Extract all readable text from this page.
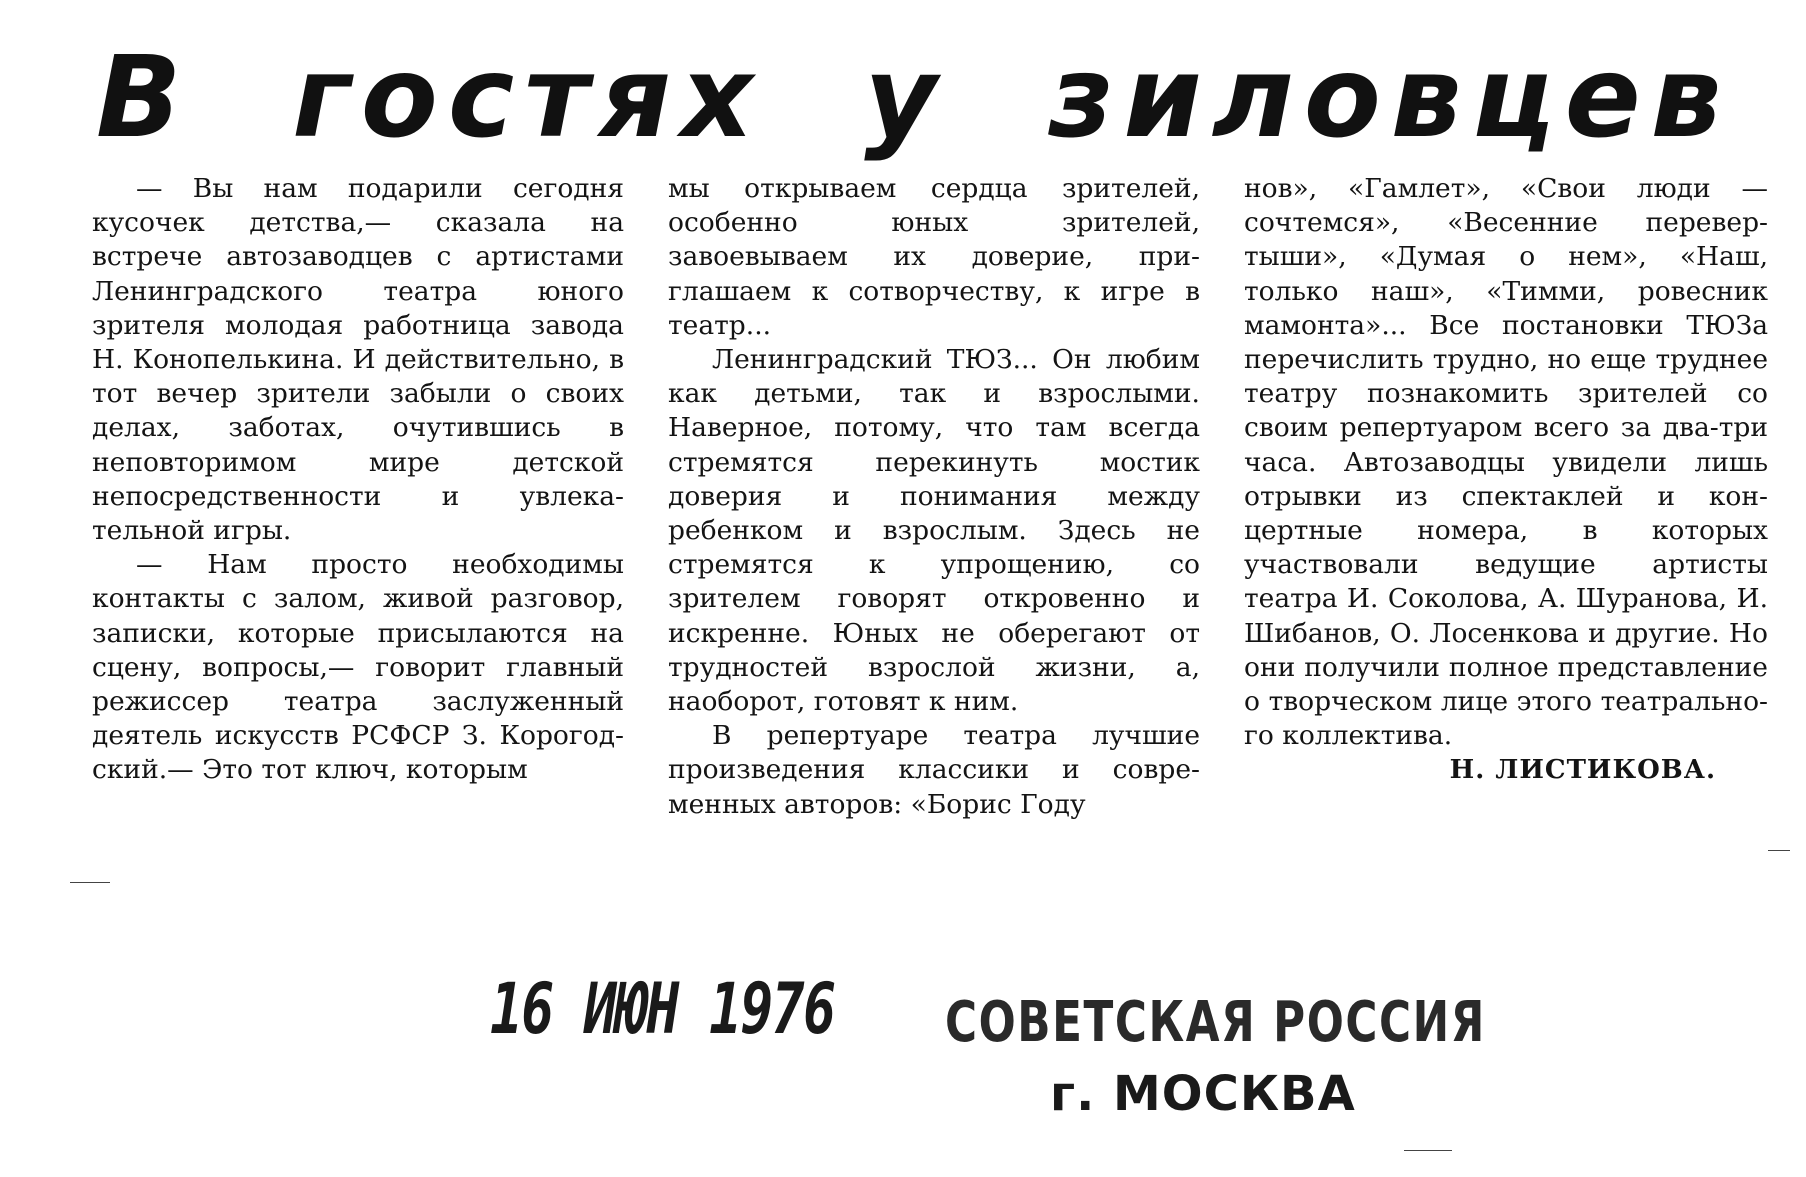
В гостях у зиловцев

— Вы нам подарили сегодня кусочек детства,— сказала на встрече автозаводцев с артистами Ленинградского театра юного зрителя молодая работница завода Н. Конопелькина. И действительно, в тот вечер зрители забыли о своих делах, заботах, очутившись в неповторимом мире детской непосредственности и увлекательной игры.

— Нам просто необходимы контакты с залом, живой разговор, записки, которые присылаются на сцену, вопросы,— говорит главный режиссер театра заслуженный деятель искусств РСФСР З. Корогодский.— Это тот ключ, которым

мы открываем сердца зрителей, особенно юных зрителей, завоевываем их доверие, приглашаем к сотворчеству, к игре в театр...

Ленинградский ТЮЗ... Он любим как детьми, так и взрослыми. Наверное, потому, что там всегда стремятся перекинуть мостик доверия и понимания между ребенком и взрослым. Здесь не стремятся к упрощению, со зрителем говорят откровенно и искренне. Юных не оберегают от трудностей взрослой жизни, а, наоборот, готовят к ним.

В репертуаре театра лучшие произведения классики и современных авторов: «Борис Году

нов», «Гамлет», «Свои люди — сочтемся», «Весенние перевертыши», «Думая о нем», «Наш, только наш», «Тимми, ровесник мамонта»... Все постановки ТЮЗа перечислить трудно, но еще труднее театру познакомить зрителей со своим репертуаром всего за два-три часа. Автозаводцы увидели лишь отрывки из спектаклей и концертные номера, в которых участвовали ведущие артисты театра И. Соколова, А. Шуранова, И. Шибанов, О. Лосенкова и другие. Но они получили полное представление о творческом лице этого театрального коллектива.

Н. ЛИСТИКОВА.

16 ИЮН 1976 СОВЕТСКАЯ РОССИЯ
г. МОСКВА
